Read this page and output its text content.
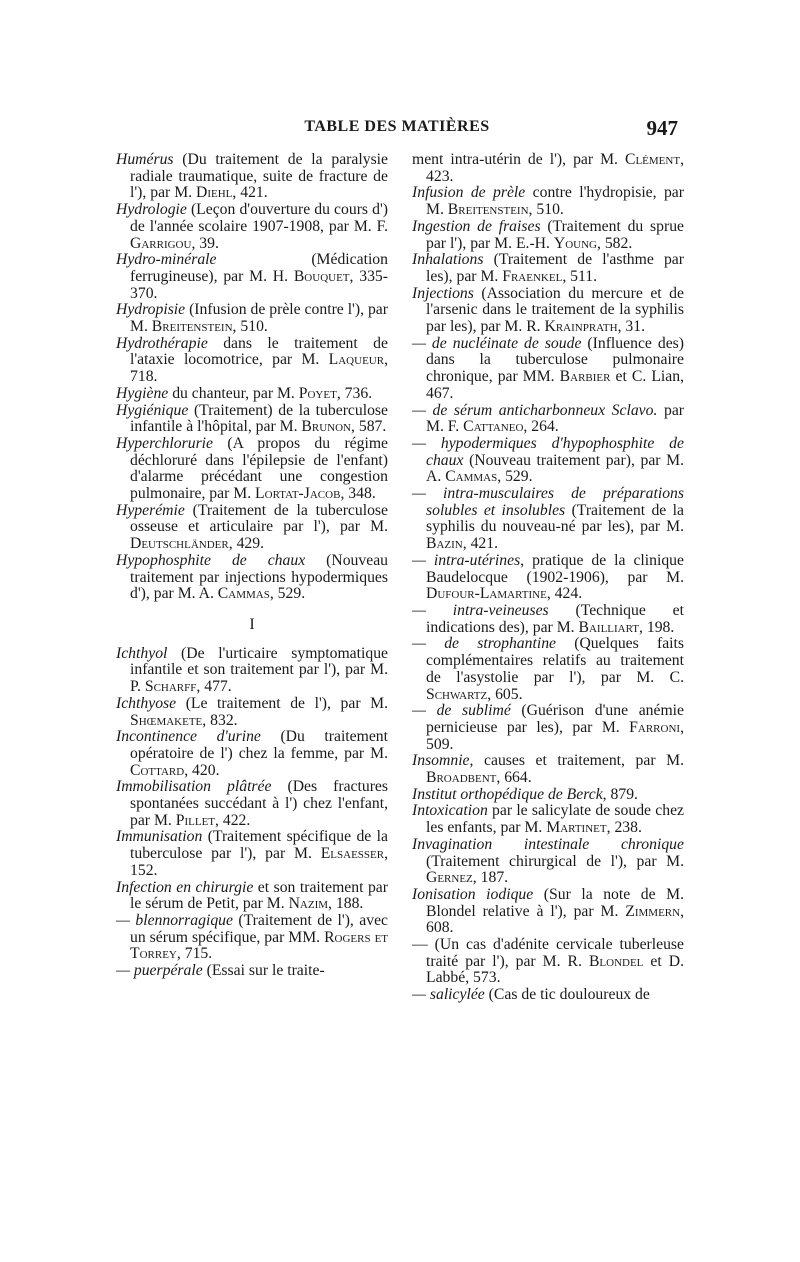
TABLE DES MATIÈRES	947

Humérus (Du traitement de la paralysie radiale traumatique, suite de fracture de l'), par M. Diehl, 421.

Hydrologie (Leçon d'ouverture du cours d') de l'année scolaire 1907-1908, par M. F. Garrigou, 39.

Hydro-minérale (Médication ferrugineuse), par M. H. Bouquet, 335-370.

Hydropisie (Infusion de prèle contre l'), par M. Breitenstein, 510.

Hydrothérapie dans le traitement de l'ataxie locomotrice, par M. Laqueur, 718.

Hygiène du chanteur, par M. Poyet, 736.

Hygiénique (Traitement) de la tuberculose infantile à l'hôpital, par M. Brunon, 587.

Hyperchlorurie (A propos du régime déchloruré dans l'épilepsie de l'enfant) d'alarme précédant une congestion pulmonaire, par M. Lortat-Jacob, 348.

Hyperémie (Traitement de la tuberculose osseuse et articulaire par l'), par M. Deutschländer, 429.

Hypophosphite de chaux (Nouveau traitement par injections hypodermiques d'), par M. A. Cammas, 529.

I

Ichthyol (De l'urticaire symptomatique infantile et son traitement par l'), par M. P. Scharff, 477.

Ichthyose (Le traitement de l'), par M. Shœmakete, 832.

Incontinence d'urine (Du traitement opératoire de l') chez la femme, par M. Cottard, 420.

Immobilisation plâtrée (Des fractures spontanées succédant à l') chez l'enfant, par M. Pillet, 422.

Immunisation (Traitement spécifique de la tuberculose par l'), par M. Elsaesser, 152.

Infection en chirurgie et son traitement par le sérum de Petit, par M. Nazim, 188.

— blennorragique (Traitement de l'), avec un sérum spécifique, par MM. Rogers et Torrey, 715.

— puerpérale (Essai sur le traite-

ment intra-utérin de l'), par M. Clément, 423.

Infusion de prèle contre l'hydropisie, par M. Breitenstein, 510.

Ingestion de fraises (Traitement du sprue par l'), par M. E.-H. Young, 582.

Inhalations (Traitement de l'asthme par les), par M. Fraenkel, 511.

Injections (Association du mercure et de l'arsenic dans le traitement de la syphilis par les), par M. R. Krainprath, 31.

— de nucléinate de soude (Influence des) dans la tuberculose pulmonaire chronique, par MM. Barbier et C. Lian, 467.

— de sérum anticharbonneux Sclavo. par M. F. Cattaneo, 264.

— hypodermiques d'hypophosphite de chaux (Nouveau traitement par), par M. A. Cammas, 529.

— intra-musculaires de préparations solubles et insolubles (Traitement de la syphilis du nouveau-né par les), par M. Bazin, 421.

— intra-utérines, pratique de la clinique Baudelocque (1902-1906), par M. Dufour-Lamartine, 424.

— intra-veineuses (Technique et indications des), par M. Bailliart, 198.

— de strophantine (Quelques faits complémentaires relatifs au traitement de l'asystolie par l'), par M. C. Schwartz, 605.

— de sublimé (Guérison d'une anémie pernicieuse par les), par M. Farroni, 509.

Insomnie, causes et traitement, par M. Broadbent, 664.

Institut orthopédique de Berck, 879.

Intoxication par le salicylate de soude chez les enfants, par M. Martinet, 238.

Invagination intestinale chronique (Traitement chirurgical de l'), par M. Gernez, 187.

Ionisation iodique (Sur la note de M. Blondel relative à l'), par M. Zimmern, 608.

— (Un cas d'adénite cervicale tuberleuse traité par l'), par M. R. Blondel et D. Labbé, 573.

— salicylée (Cas de tic douloureux de
